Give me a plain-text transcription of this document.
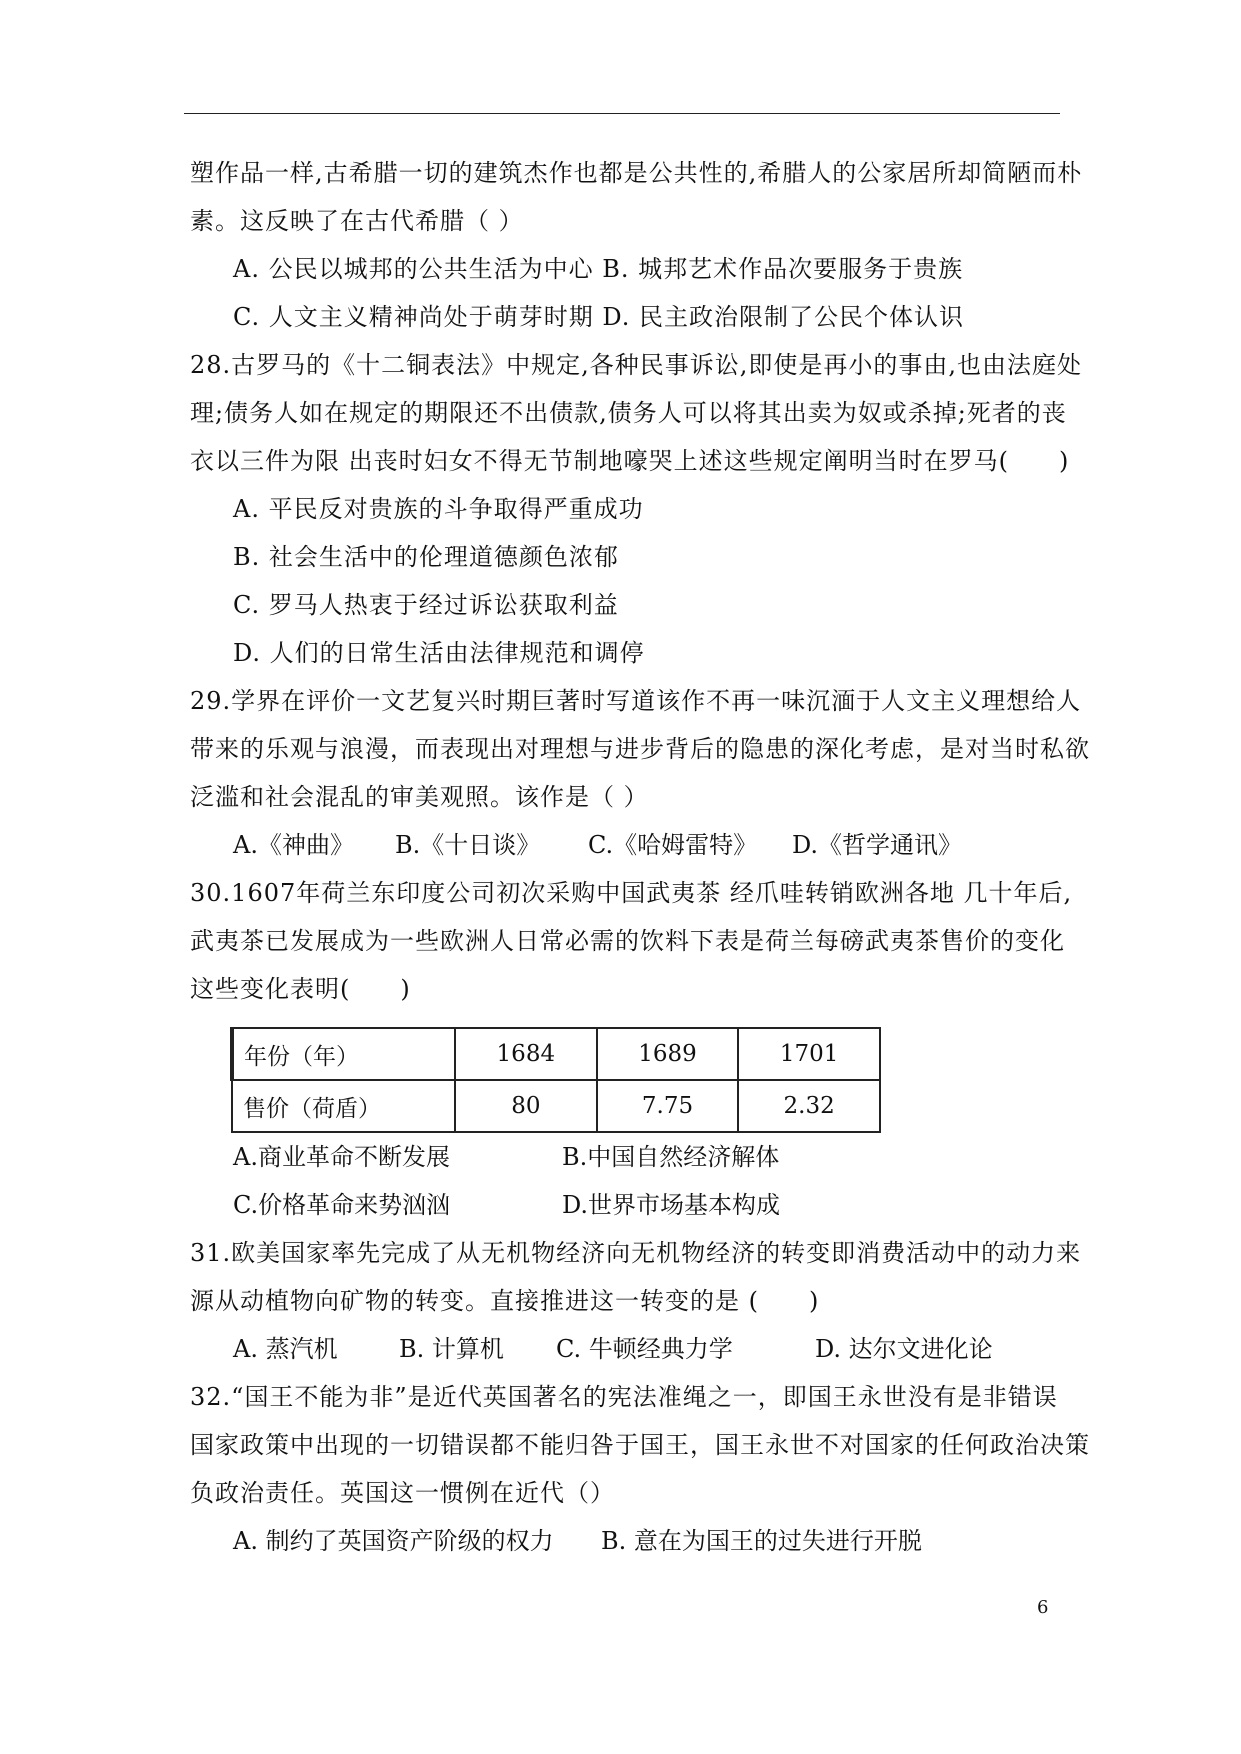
塑作品一样,古希腊一切的建筑杰作也都是公共性的,希腊人的公家居所却简陋而朴
素。这反映了在古代希腊（ ）
A. 公民以城邦的公共生活为中心 B. 城邦艺术作品次要服务于贵族
C. 人文主义精神尚处于萌芽时期 D. 民主政治限制了公民个体认识
28.古罗马的《十二铜表法》中规定,各种民事诉讼,即使是再小的事由,也由法庭处
理;债务人如在规定的期限还不出债款,债务人可以将其出卖为奴或杀掉;死者的丧
衣以三件为限 出丧时妇女不得无节制地嚎哭上述这些规定阐明当时在罗马(　　)
A. 平民反对贵族的斗争取得严重成功
B. 社会生活中的伦理道德颜色浓郁
C. 罗马人热衷于经过诉讼获取利益
D. 人们的日常生活由法律规范和调停
29.学界在评价一文艺复兴时期巨著时写道该作不再一味沉湎于人文主义理想给人
带来的乐观与浪漫，而表现出对理想与进步背后的隐患的深化考虑，是对当时私欲
泛滥和社会混乱的审美观照。该作是（ ）
A.《神曲》 B.《十日谈》 C.《哈姆雷特》 D.《哲学通讯》
30.1607年荷兰东印度公司初次采购中国武夷茶 经爪哇转销欧洲各地 几十年后,
武夷茶已发展成为一些欧洲人日常必需的饮料下表是荷兰每磅武夷茶售价的变化
这些变化表明(　　)
年份（年）	1684	1689	1701
售价（荷盾）	80	7.75	2.32
A.商业革命不断发展	B.中国自然经济解体
C.价格革命来势汹汹	D.世界市场基本构成
31.欧美国家率先完成了从无机物经济向无机物经济的转变即消费活动中的动力来
源从动植物向矿物的转变。直接推进这一转变的是 (　　)
A. 蒸汽机	B. 计算机 C. 牛顿经典力学	D. 达尔文进化论
32.“国王不能为非”是近代英国著名的宪法准绳之一，即国王永世没有是非错误
国家政策中出现的一切错误都不能归咎于国王，国王永世不对国家的任何政治决策
负政治责任。英国这一惯例在近代（）
A. 制约了英国资产阶级的权力 B. 意在为国王的过失进行开脱
6
